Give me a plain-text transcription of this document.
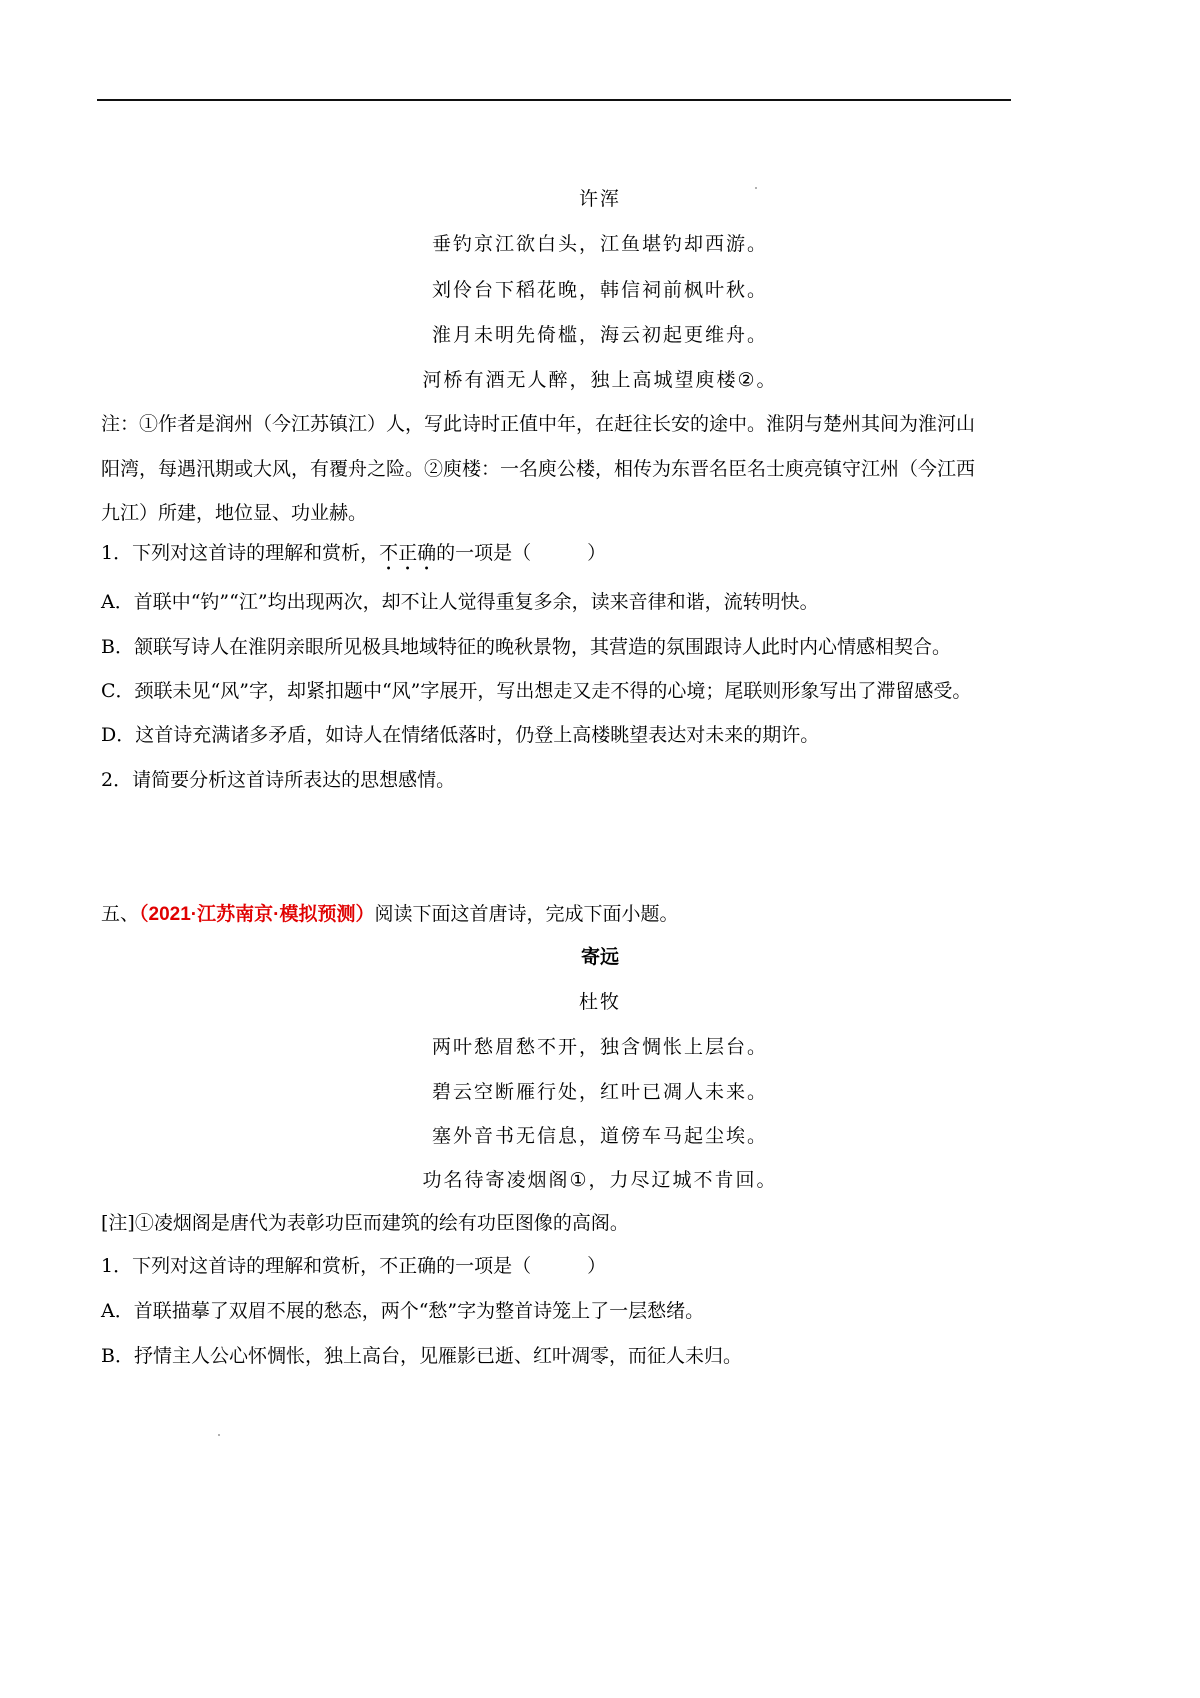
许浑
垂钓京江欲白头，江鱼堪钓却西游。
刘伶台下稻花晚，韩信祠前枫叶秋。
淮月未明先倚槛，海云初起更维舟。
河桥有酒无人醉，独上高城望庾楼②。
注：①作者是润州（今江苏镇江）人，写此诗时正值中年，在赶往长安的途中。淮阴与楚州其间为淮河山
阳湾，每遇汛期或大风，有覆舟之险。②庾楼：一名庾公楼，相传为东晋名臣名士庾亮镇守江州（今江西
九江）所建，地位显、功业赫。
1．下列对这首诗的理解和赏析，不正确的一项是（	）
A．首联中“钓”“江”均出现两次，却不让人觉得重复多余，读来音律和谐，流转明快。
B．颔联写诗人在淮阴亲眼所见极具地域特征的晚秋景物，其营造的氛围跟诗人此时内心情感相契合。
C．颈联未见“风”字，却紧扣题中“风”字展开，写出想走又走不得的心境；尾联则形象写出了滞留感受。
D．这首诗充满诸多矛盾，如诗人在情绪低落时，仍登上高楼眺望表达对未来的期许。
2．请简要分析这首诗所表达的思想感情。
五、（2021·江苏南京·模拟预测）阅读下面这首唐诗，完成下面小题。
寄远
杜牧
两叶愁眉愁不开，独含惆怅上层台。
碧云空断雁行处，红叶已凋人未来。
塞外音书无信息，道傍车马起尘埃。
功名待寄凌烟阁①，力尽辽城不肯回。
[注]①凌烟阁是唐代为表彰功臣而建筑的绘有功臣图像的高阁。
1．下列对这首诗的理解和赏析，不正确的一项是（	）
A．首联描摹了双眉不展的愁态，两个“愁”字为整首诗笼上了一层愁绪。
B．抒情主人公心怀惆怅，独上高台，见雁影已逝、红叶凋零，而征人未归。
